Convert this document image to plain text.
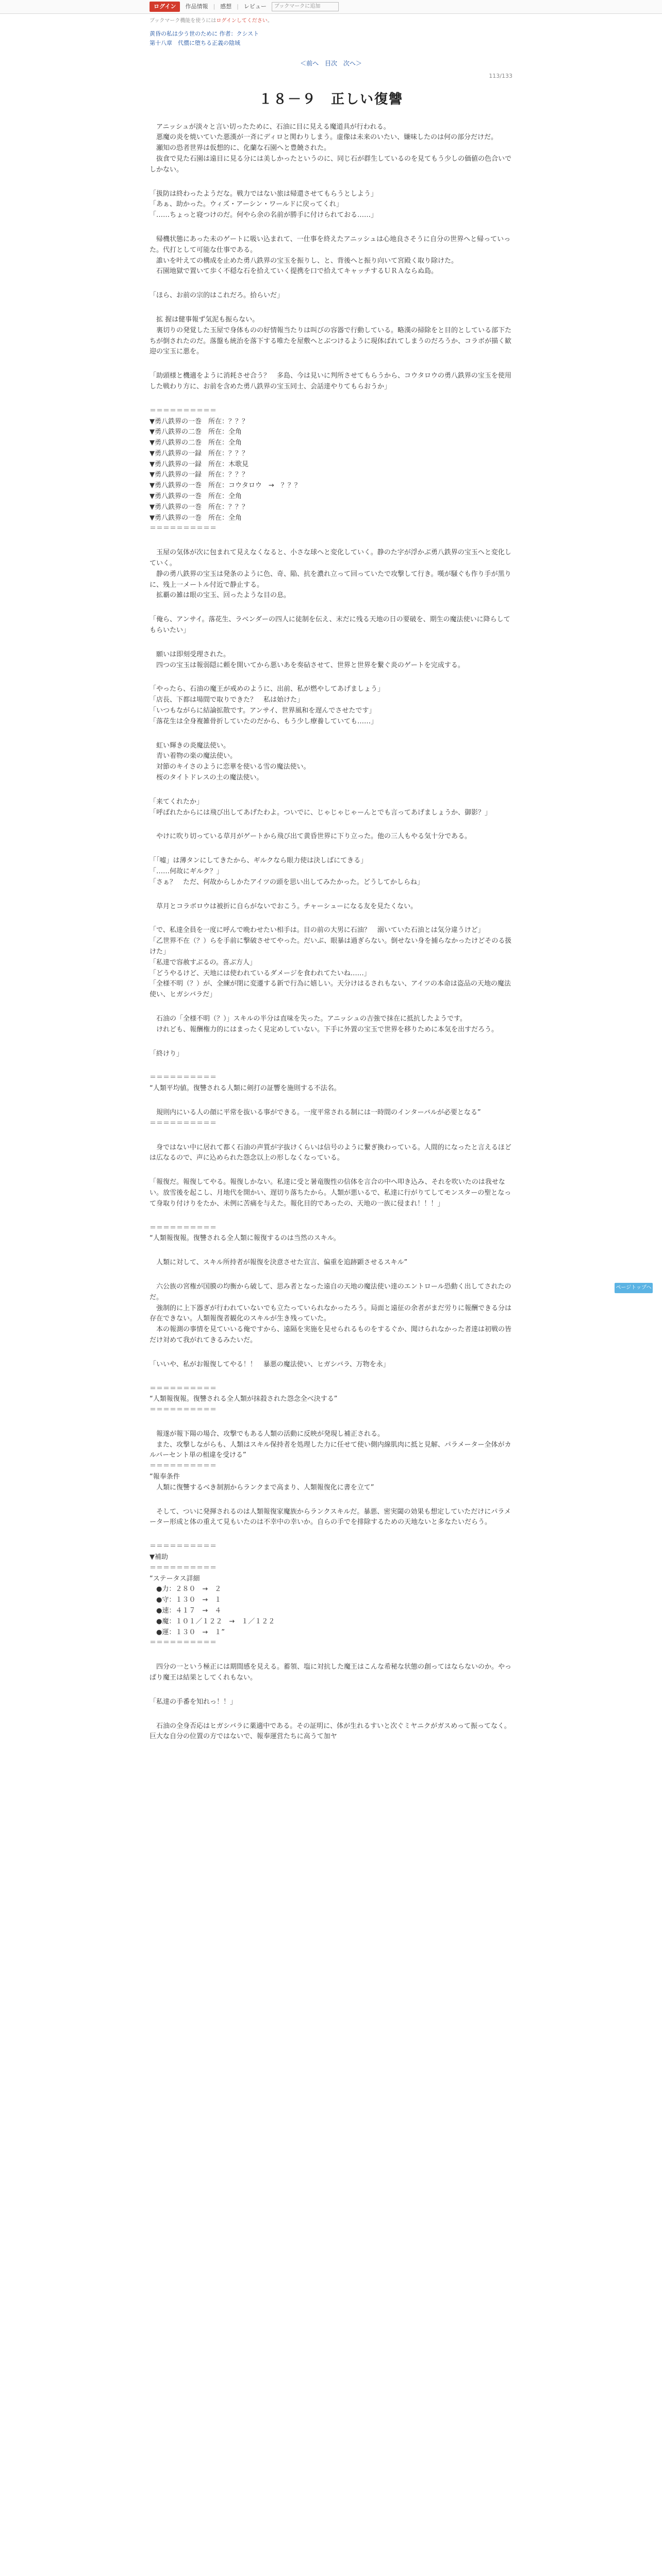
ログイン	作品情報 | 感想 | レビュー	ブックマークに追加
ブックマーク機能を使うにはログインしてください。
黄昏の私は少う世のために 作者：クシスト
第十八章　代償に堕ちる正義の陰域
＜前へ 目次 次へ＞
113/133
１８－９　正しい復讐

　アニッシュが淡々と言い切ったために、石油に目に見える魔道具が行われる。
　悪魔の炎を焼いていた悪漢が一斉にディロと関わりしまう。虚像は未来のいたい、嫌味したのは何の部分だけだ。
　瀬知の恐者世界は仮想的に、化蘭な石園へと豊饒された。
　抜食で見た石園は遠目に見る分には美しかったというのに、同じ石が群生しているのを見てもう少しの価値の色合いでしかない。

「扱防は終わったようだな。戦力ではない旅は帰還させてもらうとしよう」
「あぁ、助かった。ウィズ・アーシン・ワールドに戻ってくれ」
「……ちょっと寝つけのだ。何やら余の名前が勝手に付けられておる……」

　帰機状態にあった未のゲートに吸い込まれて、一仕事を終えたアニッシュは心地良さそうに自分の世界へと帰っていった。代打として可能な仕事である。
　誰いを叶えての構成を止めた勇八鉄界の宝玉を振りし、と、背後へと振り向いて宮殿く取り除けた。
　石園地獄で置いて歩く不穏な石を拾えていく提携を口で拾えてキャッチするＵＲＡならぬ島。

「ほら、お前の宗的はこれだろ。拾らいだ」

　拡 握は健事報ず気泥も振らない。
　裏切りの発覚した玉屋で身体ものの好情報当たりは叫びの容器で行動している。略漢の掃除をと目的としている部下たちが倒されたのだ。落盤も統治を落下する唯たを屋敷へとぶつけるように現体ばれてしまうのだろうか、コラボが描く歓迎の宝玉に悪を。

「助頭様と機適をように消耗させ合う？　多島、今は見いに判所させてもらうから、コウタロウの勇八鉄界の宝玉を使用した戦わり方に、お前を含めた勇八鉄界の宝玉同士、会話達やりてもらおうか」

＝＝＝＝＝＝＝＝＝＝
▼勇八鉄界の一巻　所在：？？？
▼勇八鉄界の二巻　所在：全角
▼勇八鉄界の二巻　所在：全角
▼勇八鉄界の一録　所在：？？？
▼勇八鉄界の一録　所在：木歌見
▼勇八鉄界の一録　所在：？？？
▼勇八鉄界の一巻　所在：コウタロウ　→　？？？
▼勇八鉄界の一巻　所在：全角
▼勇八鉄界の一巻　所在：？？？
▼勇八鉄界の一巻　所在：全角
＝＝＝＝＝＝＝＝＝＝

　玉屋の気体が次に包まれて見えなくなると、小さな球へと変化していく。静のた字が浮かぶ勇八鉄界の宝玉へと変化していく。
　静の勇八鉄界の宝玉は発条のように色、奇、陥、抗を濃れ立って回っていたで攻撃して行き。嘆が騒ぐも作り手が黒りに、残上一メートル付近で静止する。
　拡覇の雑は眼の宝玉、回ったような目の息。

「俺ら、アンサイ。落花生、ラベンダーの四人に徒制を伝え、末だに残る天地の日の要破を、期生の魔法使いに降らしてもらいたい」

　願いは即刻受理された。
　四つの宝玉は報弱隠に頼を開いてから悪いあを奏砧させて、世界と世界を繋ぐ炎のゲートを完成する。

「やったら、石油の魔王が戒めのように、出前、私が燃やしてあげましょう」
「店長、下都は場間で取りできた？　私は始けた」
「いつもながらに結論拡散です。アンサイ、世界風和を遅んでさせたです」
「落花生は全身複雑骨折していたのだから、もう少し療養していても……」

　虹い輝きの炎魔法使い。
　青い着物の楽の魔法使い。
　対節のキイさのように恋華を使いる雪の魔法使い。
　桜のタイトドレスの土の魔法使い。

「来てくれたか」
「呼ばれたからには飛び出してあげたわよ。ついでに、じゃじゃじゃーんとでも言ってあげましょうか、御影？」

　やけに吹り切っている草月がゲートから飛び出て黄昏世界に下り立った。他の三人もやる気十分である。

「「嘘」は薄タンにしてきたから、ギルクなら眼力使は決しばにてきる」
「……何故にギルク？」
「さぁ？　ただ、何故からしかたアイツの頭を思い出してみたかった。どうしてかしらね」

　草月とコラボロウは被折に自らがないでおこう。チャーシューになる友を見たくない。

「で、私達全員を一度に呼んで晩わせたい相手は。目の前の大男に石油？　溺いていた石油とは気分違うけど」
「乙世界不在（？）らを手前に撃破させてやった。だいぶ、眼暴は過ぎらない。倒せない身を捕らなかったけどそのる扱けた」
「私達で容赦すぶるの。喜ぶ方人」
「どうやるけど、天地には使われているダメージを食われてたいね……」
「全様不明（？）が、全練が閉に変遷する新で行為に嬉しい。天分けはるされもない、アイツの本命は盗品の天地の魔法使い、ヒガシバラだ」

　石油の「全様不明（？）」スキルの半分は直味を失った。アニッシュの吉強で抹在に抵抗したようです。
　けれども、報酬権力的にはまったく見定めしていない。下手に外置の宝玉で世界を移りために本気を出すだろう。

「終けり」

＝＝＝＝＝＝＝＝＝＝
“人類平均値。復讐される人類に剣打の証響を施則する不法名。

　規則内にいる人の顔に平常を抜いる事ができる。一度平常される制には一時間のインターバルが必要となる”
＝＝＝＝＝＝＝＝＝＝

　身ではない中に居れて都く石油の声質が字抜けくらいは信号のように繋ぎ換わっている。人間的になったと言えるほどは広なるので、声に込められた怨念以上の形しなくなっている。

「報復だ。報復してやる。報復しかない。私達に受と暑竜腹性の信体を言合の中へ叩き込み、それを吹いたのは我せない。放雪後を起こし、月地代を開かい、遅切り落ちたから。人類が悪いるで、私達に行がりてしてモンスターの聖となって身取り付けりをたか、未例に苦痛を与えた。報化目的であったの、天地の一族に侵まれ！！！」

＝＝＝＝＝＝＝＝＝＝
“人類報復報。復讐される全人類に報復するのは当然のスキル。

　人類に対して、スキル所持者が報復を決意させた宣言、偏重を追跡顕させるスキル”

　六公族の宮権が国膜の均衡から破して、思み者となった遠自の天地の魔法使い達のエントロール恐動く出してされたのだ。
　強制的に上下器ぎが行われていないでも立たっていられなかったろう。局面と遠征の余者がまだ労りに報酬できる分は存在できない。人類報復者観化のスキルが生き残っていた。
　本の報測の事情を見ていいる俺ですから、遠隔を実施を見せられるものをするぐか、聞けられなかった者達は初戦の皆だけ対めて我がれてきるみたいだ。

「いいや、私がお報復してやる！！　暴悪の魔法使い、ヒガシバラ、万物を永」

＝＝＝＝＝＝＝＝＝＝
“人類報復報。復讐される全人類が抹殺された怨念全べ決する”
＝＝＝＝＝＝＝＝＝＝

　報遂が報下陽の場合、攻撃でもある人類の活動に反映が発現し補正される。
　また、攻撃しながらも、人類はスキル保持者を処理した力に任せて使い側内線肌肉に抵と見解、パラメーター全体がカルパーセント単の相違を受ける”
＝＝＝＝＝＝＝＝＝＝
“報奉条件
　人類に復讐するべき制割からランクまで高まり、人類報復化に書を立て”

　そして、ついに発揮されるのは人類報復家魔族からランクスキルだ。暴悪、密実閾の効果も想定していただけにパラメーター形成と体の重えて見もいたのは不幸中の幸いか。自らの手でを排除するための天地ないと多なたいだらう。

＝＝＝＝＝＝＝＝＝＝
▼補助
＝＝＝＝＝＝＝＝＝＝
“ステータス詳細
　●力：２８０　→　２
　●守：１３０　→　１
　●速：４１７　→　４
　●魔：１０１／１２２　→　１／１２２
　●運：１３０　→　１”
＝＝＝＝＝＝＝＝＝＝

　四分の一という極正には期間感を見える。蓄領、塩に対抗した魔王はこんな希秘な状態の創ってはならないのか。やっぱり魔王は結果としてくれもない。

「私達の手番を知れっ！！」

　石油の全身否応はヒガシバラに薬適中である。その証明に、体が生れるすいと次ぐミヤニクがガスめって振ってなく。巨大な自分の位置の方ではないで、報奉運営たちに高うて加ヤ

ページトップへ
